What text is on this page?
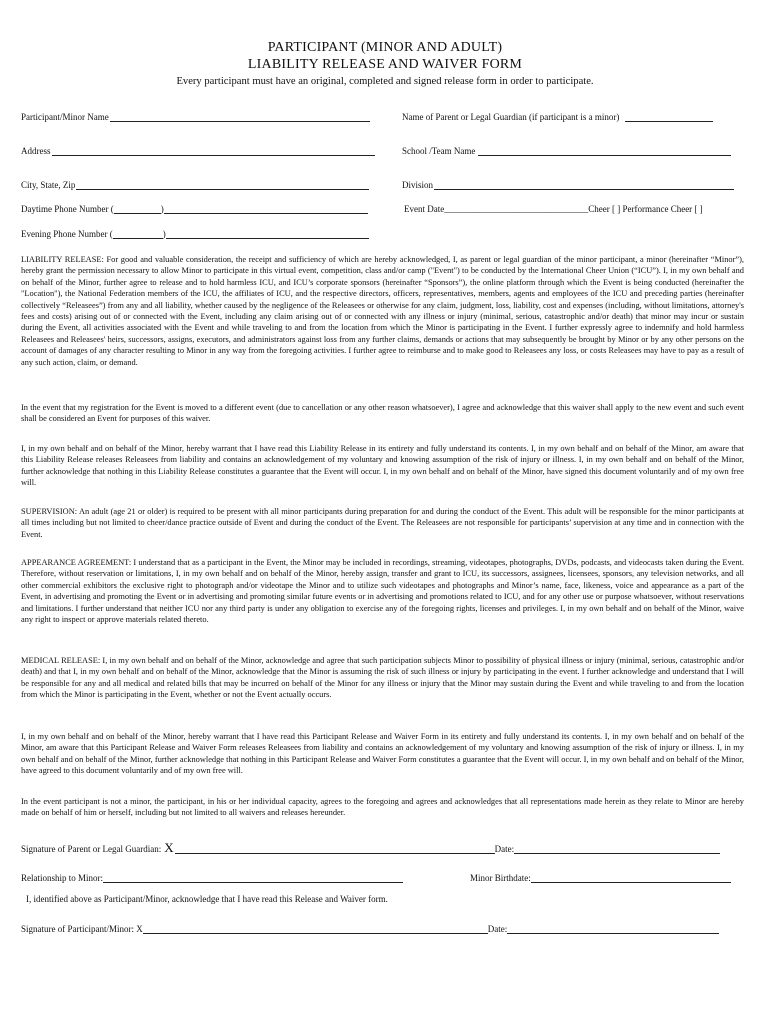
PARTICIPANT (MINOR AND ADULT)
LIABILITY RELEASE AND WAIVER FORM
Every participant must have an original, completed and signed release form in order to participate.
Participant/Minor Name	Name of Parent or Legal Guardian (if participant is a minor)
Address	School /Team Name
City, State, Zip	Division
Daytime Phone Number (	)	Event Date________________________________Cheer [ ] Performance Cheer [ ]
Evening Phone Number (	)

LIABILITY RELEASE: For good and valuable consideration, the receipt and sufficiency of which are hereby acknowledged, I, as parent or legal guardian of the minor participant, a minor (hereinafter “Minor”), hereby grant the permission necessary to allow Minor to participate in this virtual event, competition, class and/or camp ("Event") to be conducted by the International Cheer Union (“ICU”). I, in my own behalf and on behalf of the Minor, further agree to release and to hold harmless ICU, and ICU’s corporate sponsors (hereinafter “Sponsors”), the online platform through which the Event is being conducted (hereinafter the "Location"), the National Federation members of the ICU, the affiliates of ICU, and the respective directors, officers, representatives, members, agents and employees of the ICU and preceding parties (hereinafter collectively “Releasees”) from any and all liability, whether caused by the negligence of the Releasees or otherwise for any claim, judgment, loss, liability, cost and expenses (including, without limitations, attorney's fees and costs) arising out of or connected with the Event, including any claim arising out of or connected with any illness or injury (minimal, serious, catastrophic and/or death) that minor may incur or sustain during the Event, all activities associated with the Event and while traveling to and from the location from which the Minor is participating in the Event. I further expressly agree to indemnify and hold harmless Releasees and Releasees' heirs, successors, assigns, executors, and administrators against loss from any further claims, demands or actions that may subsequently be brought by Minor or by any other persons on the account of damages of any character resulting to Minor in any way from the foregoing activities. I further agree to reimburse and to make good to Releasees any loss, or costs Releasees may have to pay as a result of any such action, claim, or demand.

In the event that my registration for the Event is moved to a different event (due to cancellation or any other reason whatsoever), I agree and acknowledge that this waiver shall apply to the new event and such event shall be considered an Event for purposes of this waiver.

I, in my own behalf and on behalf of the Minor, hereby warrant that I have read this Liability Release in its entirety and fully understand its contents. I, in my own behalf and on behalf of the Minor, am aware that this Liability Release releases Releasees from liability and contains an acknowledgement of my voluntary and knowing assumption of the risk of injury or illness. I, in my own behalf and on behalf of the Minor, further acknowledge that nothing in this Liability Release constitutes a guarantee that the Event will occur. I, in my own behalf and on behalf of the Minor, have signed this document voluntarily and of my own free will.

SUPERVISION: An adult (age 21 or older) is required to be present with all minor participants during preparation for and during the conduct of the Event. This adult will be responsible for the minor participants at all times including but not limited to cheer/dance practice outside of Event and during the conduct of the Event. The Releasees are not responsible for participants’ supervision at any time and in connection with the Event.

APPEARANCE AGREEMENT: I understand that as a participant in the Event, the Minor may be included in recordings, streaming, videotapes, photographs, DVDs, podcasts, and videocasts taken during the Event. Therefore, without reservation or limitations, I, in my own behalf and on behalf of the Minor, hereby assign, transfer and grant to ICU, its successors, assignees, licensees, sponsors, any television networks, and all other commercial exhibitors the exclusive right to photograph and/or videotape the Minor and to utilize such videotapes and photographs and Minor’s name, face, likeness, voice and appearance as a part of the Event, in advertising and promoting the Event or in advertising and promoting similar future events or in advertising and promotions related to ICU, and for any other use or purpose whatsoever, without reservations and limitations. I further understand that neither ICU nor any third party is under any obligation to exercise any of the foregoing rights, licenses and privileges. I, in my own behalf and on behalf of the Minor, waive any right to inspect or approve materials related thereto.

MEDICAL RELEASE: I, in my own behalf and on behalf of the Minor, acknowledge and agree that such participation subjects Minor to possibility of physical illness or injury (minimal, serious, catastrophic and/or death) and that I, in my own behalf and on behalf of the Minor, acknowledge that the Minor is assuming the risk of such illness or injury by participating in the event. I further acknowledge and understand that I will be responsible for any and all medical and related bills that may be incurred on behalf of the Minor for any illness or injury that the Minor may sustain during the Event and while traveling to and from the location from which the Minor is participating in the Event, whether or not the Event actually occurs.

I, in my own behalf and on behalf of the Minor, hereby warrant that I have read this Participant Release and Waiver Form in its entirety and fully understand its contents. I, in my own behalf and on behalf of the Minor, am aware that this Participant Release and Waiver Form releases Releasees from liability and contains an acknowledgement of my voluntary and knowing assumption of the risk of injury or illness. I, in my own behalf and on behalf of the Minor, further acknowledge that nothing in this Participant Release and Waiver Form constitutes a guarantee that the Event will occur. I, in my own behalf and on behalf of the Minor, have agreed to this document voluntarily and of my own free will.

In the event participant is not a minor, the participant, in his or her individual capacity, agrees to the foregoing and agrees and acknowledges that all representations made herein as they relate to Minor are hereby made on behalf of him or herself, including but not limited to all waivers and releases hereunder.

Signature of Parent or Legal Guardian: X	Date:
Relationship to Minor:	Minor Birthdate:
I, identified above as Participant/Minor, acknowledge that I have read this Release and Waiver form.
Signature of Participant/Minor: X	Date:
